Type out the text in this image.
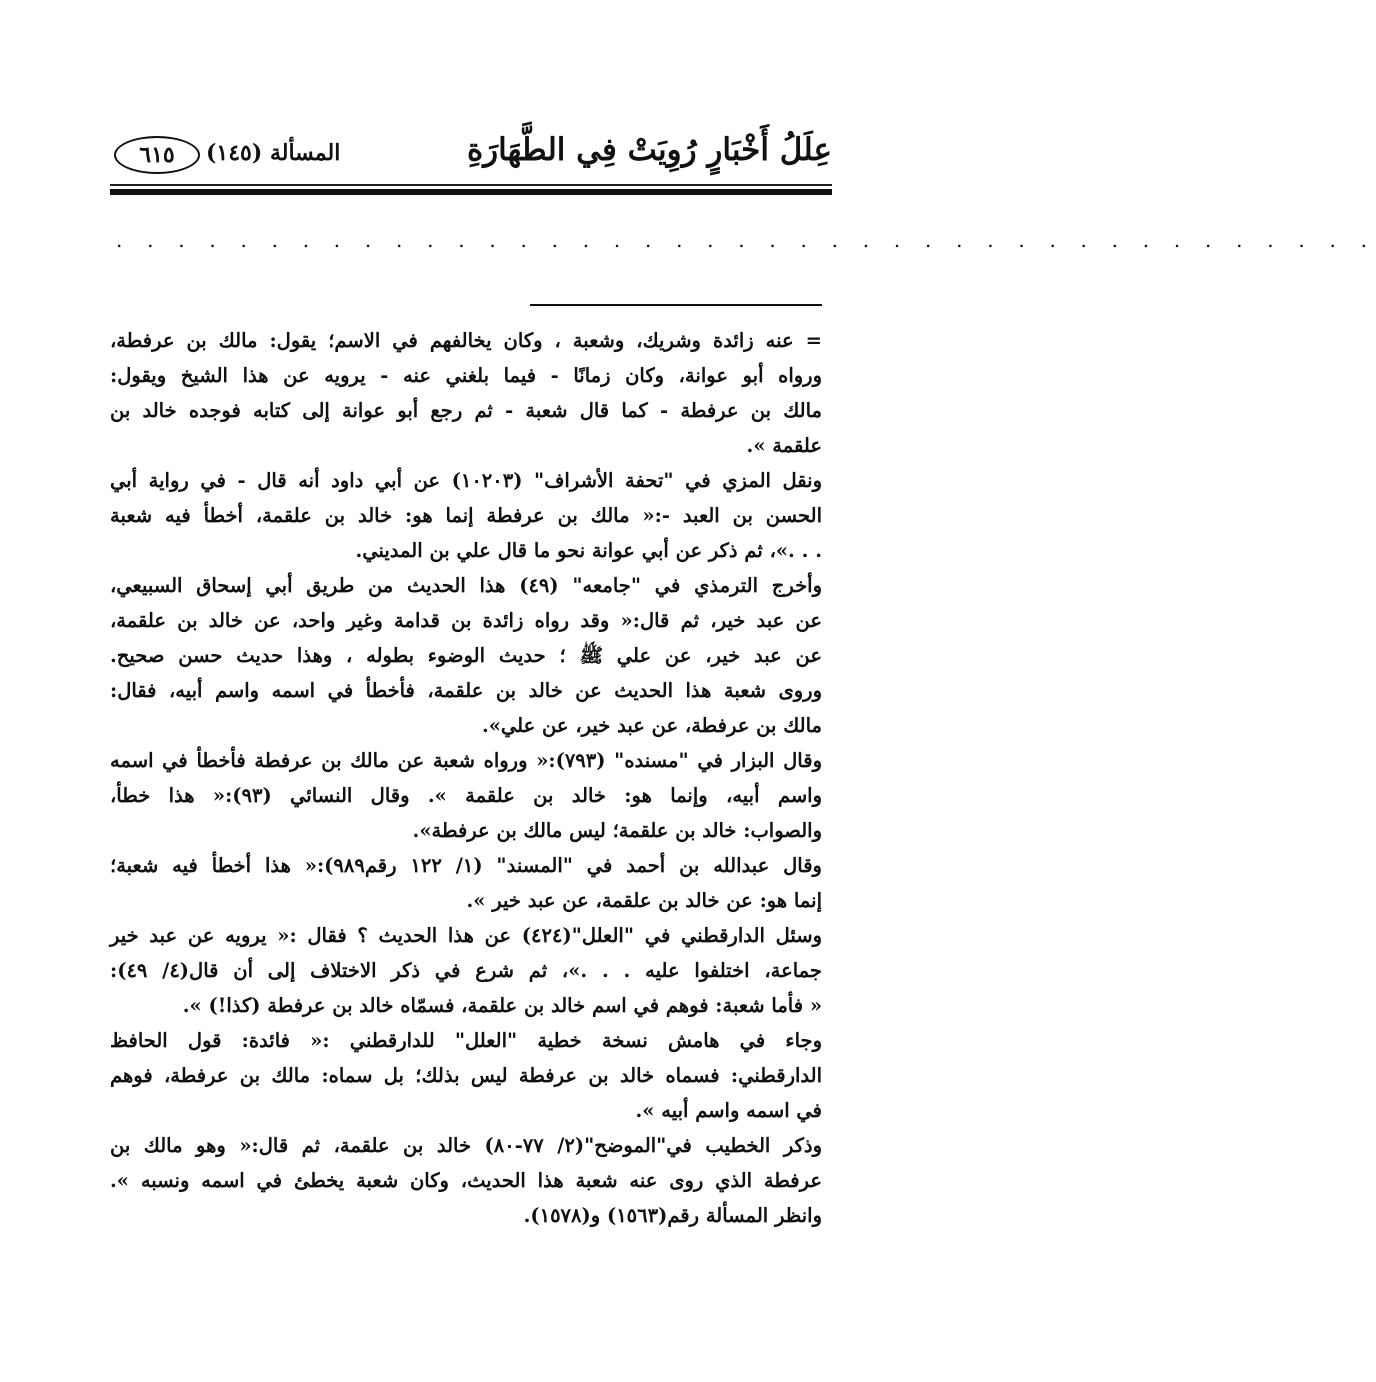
عِلَلُ أَخْبَارٍ رُوِيَتْ فِي الطَّهَارَةِ
المسألة (١٤٥)
٦١٥
. . . . . . . . . . . . . . . . . . . . . . . . . . . . . . . . . . . . . . . . .
= عنه زائدة وشريك، وشعبة ، وكان يخالفهم في الاسم؛ يقول: مالك بن عرفطة،
ورواه أبو عوانة، وكان زمانًا - فيما بلغني عنه - يرويه عن هذا الشيخ ويقول:
مالك بن عرفطة - كما قال شعبة - ثم رجع أبو عوانة إلى كتابه فوجده خالد بن
علقمة ».
ونقل المزي في "تحفة الأشراف" (١٠٢٠٣) عن أبي داود أنه قال - في رواية أبي
الحسن بن العبد -:« مالك بن عرفطة إنما هو: خالد بن علقمة، أخطأ فيه شعبة
. . .»، ثم ذكر عن أبي عوانة نحو ما قال علي بن المديني.
وأخرج الترمذي في "جامعه" (٤٩) هذا الحديث من طريق أبي إسحاق السبيعي،
عن عبد خير، ثم قال:« وقد رواه زائدة بن قدامة وغير واحد، عن خالد بن علقمة،
عن عبد خير، عن علي ﷺ ؛ حديث الوضوء بطوله ، وهذا حديث حسن صحيح.
وروى شعبة هذا الحديث عن خالد بن علقمة، فأخطأ في اسمه واسم أبيه، فقال:
مالك بن عرفطة، عن عبد خير، عن علي».
وقال البزار في "مسنده" (٧٩٣):« ورواه شعبة عن مالك بن عرفطة فأخطأ في اسمه
واسم أبيه، وإنما هو: خالد بن علقمة ». وقال النسائي (٩٣):« هذا خطأ،
والصواب: خالد بن علقمة؛ ليس مالك بن عرفطة».
وقال عبدالله بن أحمد في "المسند" (١/ ١٢٢ رقم٩٨٩):« هذا أخطأ فيه شعبة؛
إنما هو: عن خالد بن علقمة، عن عبد خير ».
وسئل الدارقطني في "العلل"(٤٢٤) عن هذا الحديث ؟ فقال :« يرويه عن عبد خير
جماعة، اختلفوا عليه . . .»، ثم شرع في ذكر الاختلاف إلى أن قال(٤/ ٤٩):
« فأما شعبة: فوهم في اسم خالد بن علقمة، فسمّاه خالد بن عرفطة (كذا!) ».
وجاء في هامش نسخة خطية "العلل" للدارقطني :« فائدة: قول الحافظ
الدارقطني: فسماه خالد بن عرفطة ليس بذلك؛ بل سماه: مالك بن عرفطة، فوهم
في اسمه واسم أبيه ».
وذكر الخطيب في"الموضح"(٢/ ٧٧-٨٠) خالد بن علقمة، ثم قال:« وهو مالك بن
عرفطة الذي روى عنه شعبة هذا الحديث، وكان شعبة يخطئ في اسمه ونسبه ».
وانظر المسألة رقم(١٥٦٣) و(١٥٧٨).
